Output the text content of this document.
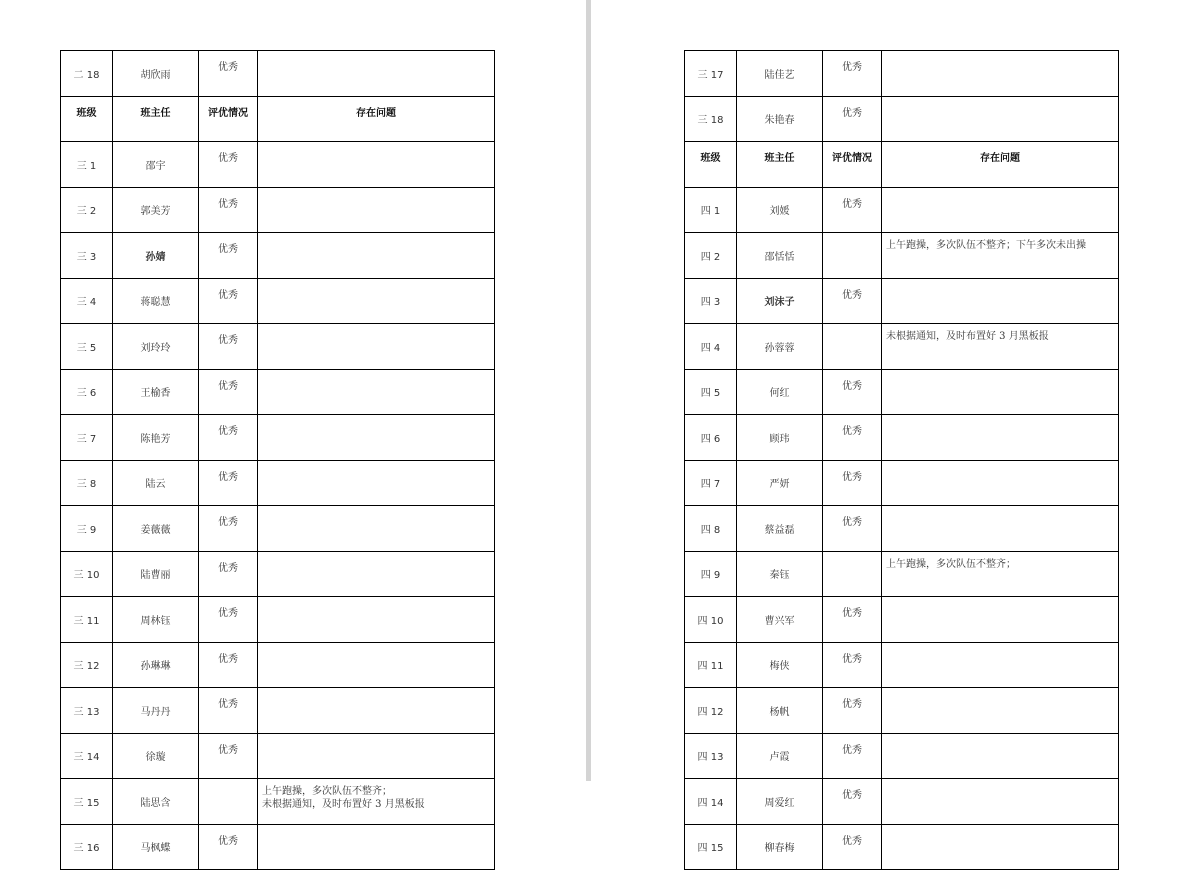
二 18	胡欣雨	优秀	
班级	班主任	评优情况	存在问题
三 1	邵宇	优秀	
三 2	郭美芳	优秀	
三 3	孙婧	优秀	
三 4	蒋聪慧	优秀	
三 5	刘玲玲	优秀	
三 6	王榆香	优秀	
三 7	陈艳芳	优秀	
三 8	陆云	优秀	
三 9	姜薇薇	优秀	
三 10	陆曹丽	优秀	
三 11	周林钰	优秀	
三 12	孙琳琳	优秀	
三 13	马丹丹	优秀	
三 14	徐璇	优秀	
三 15	陆思含		上午跑操，多次队伍不整齐；
未根据通知，及时布置好 3 月黑板报

三 16	马枫蝶	优秀	
三 17	陆佳艺	优秀	
三 18	朱艳春	优秀	
班级	班主任	评优情况	存在问题
四 1	刘媛	优秀	
四 2	邵恬恬		上午跑操，多次队伍不整齐；下午多次未出操

四 3	刘沫子	优秀	
四 4	孙蓉蓉		未根据通知，及时布置好 3 月黑板报

四 5	何红	优秀	
四 6	顾玮	优秀	
四 7	严妍	优秀	
四 8	蔡益磊	优秀	
四 9	秦钰		上午跑操，多次队伍不整齐；

四 10	曹兴军	优秀	
四 11	梅侠	优秀	
四 12	杨帆	优秀	
四 13	卢霞	优秀	
四 14	周爱红	优秀	
四 15	柳春梅	优秀	
